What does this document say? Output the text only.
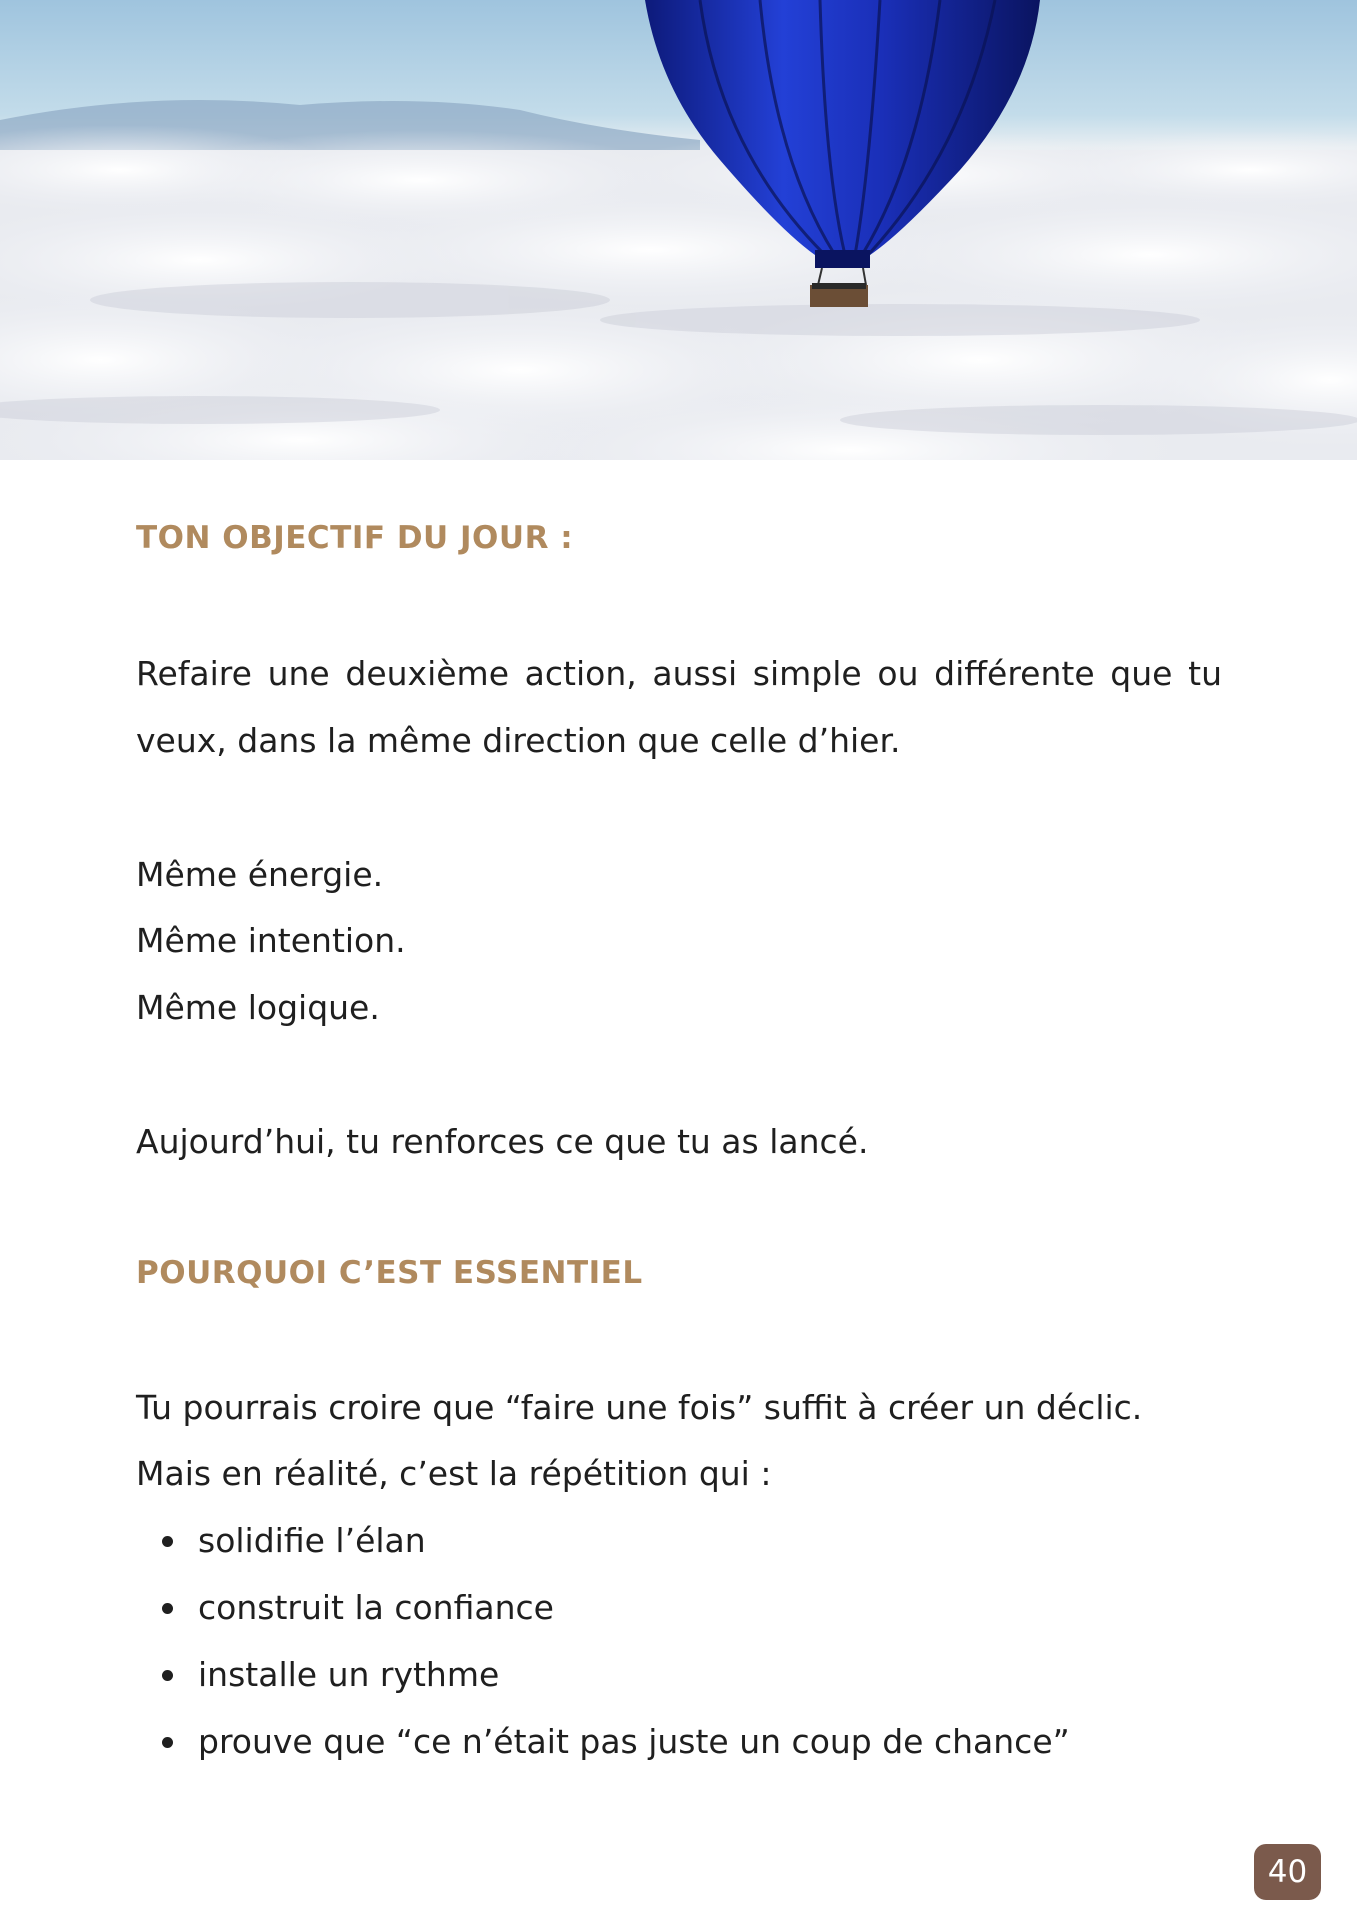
TON OBJECTIF DU JOUR :
Refaire une deuxième action, aussi simple ou différente que tu veux, dans la même direction que celle d’hier.
Même énergie.
Même intention.
Même logique.
Aujourd’hui, tu renforces ce que tu as lancé.
POURQUOI C’EST ESSENTIEL
Tu pourrais croire que “faire une fois” suffit à créer un déclic.
Mais en réalité, c’est la répétition qui :
solidifie l’élan
construit la confiance
installe un rythme
prouve que “ce n’était pas juste un coup de chance”
40
